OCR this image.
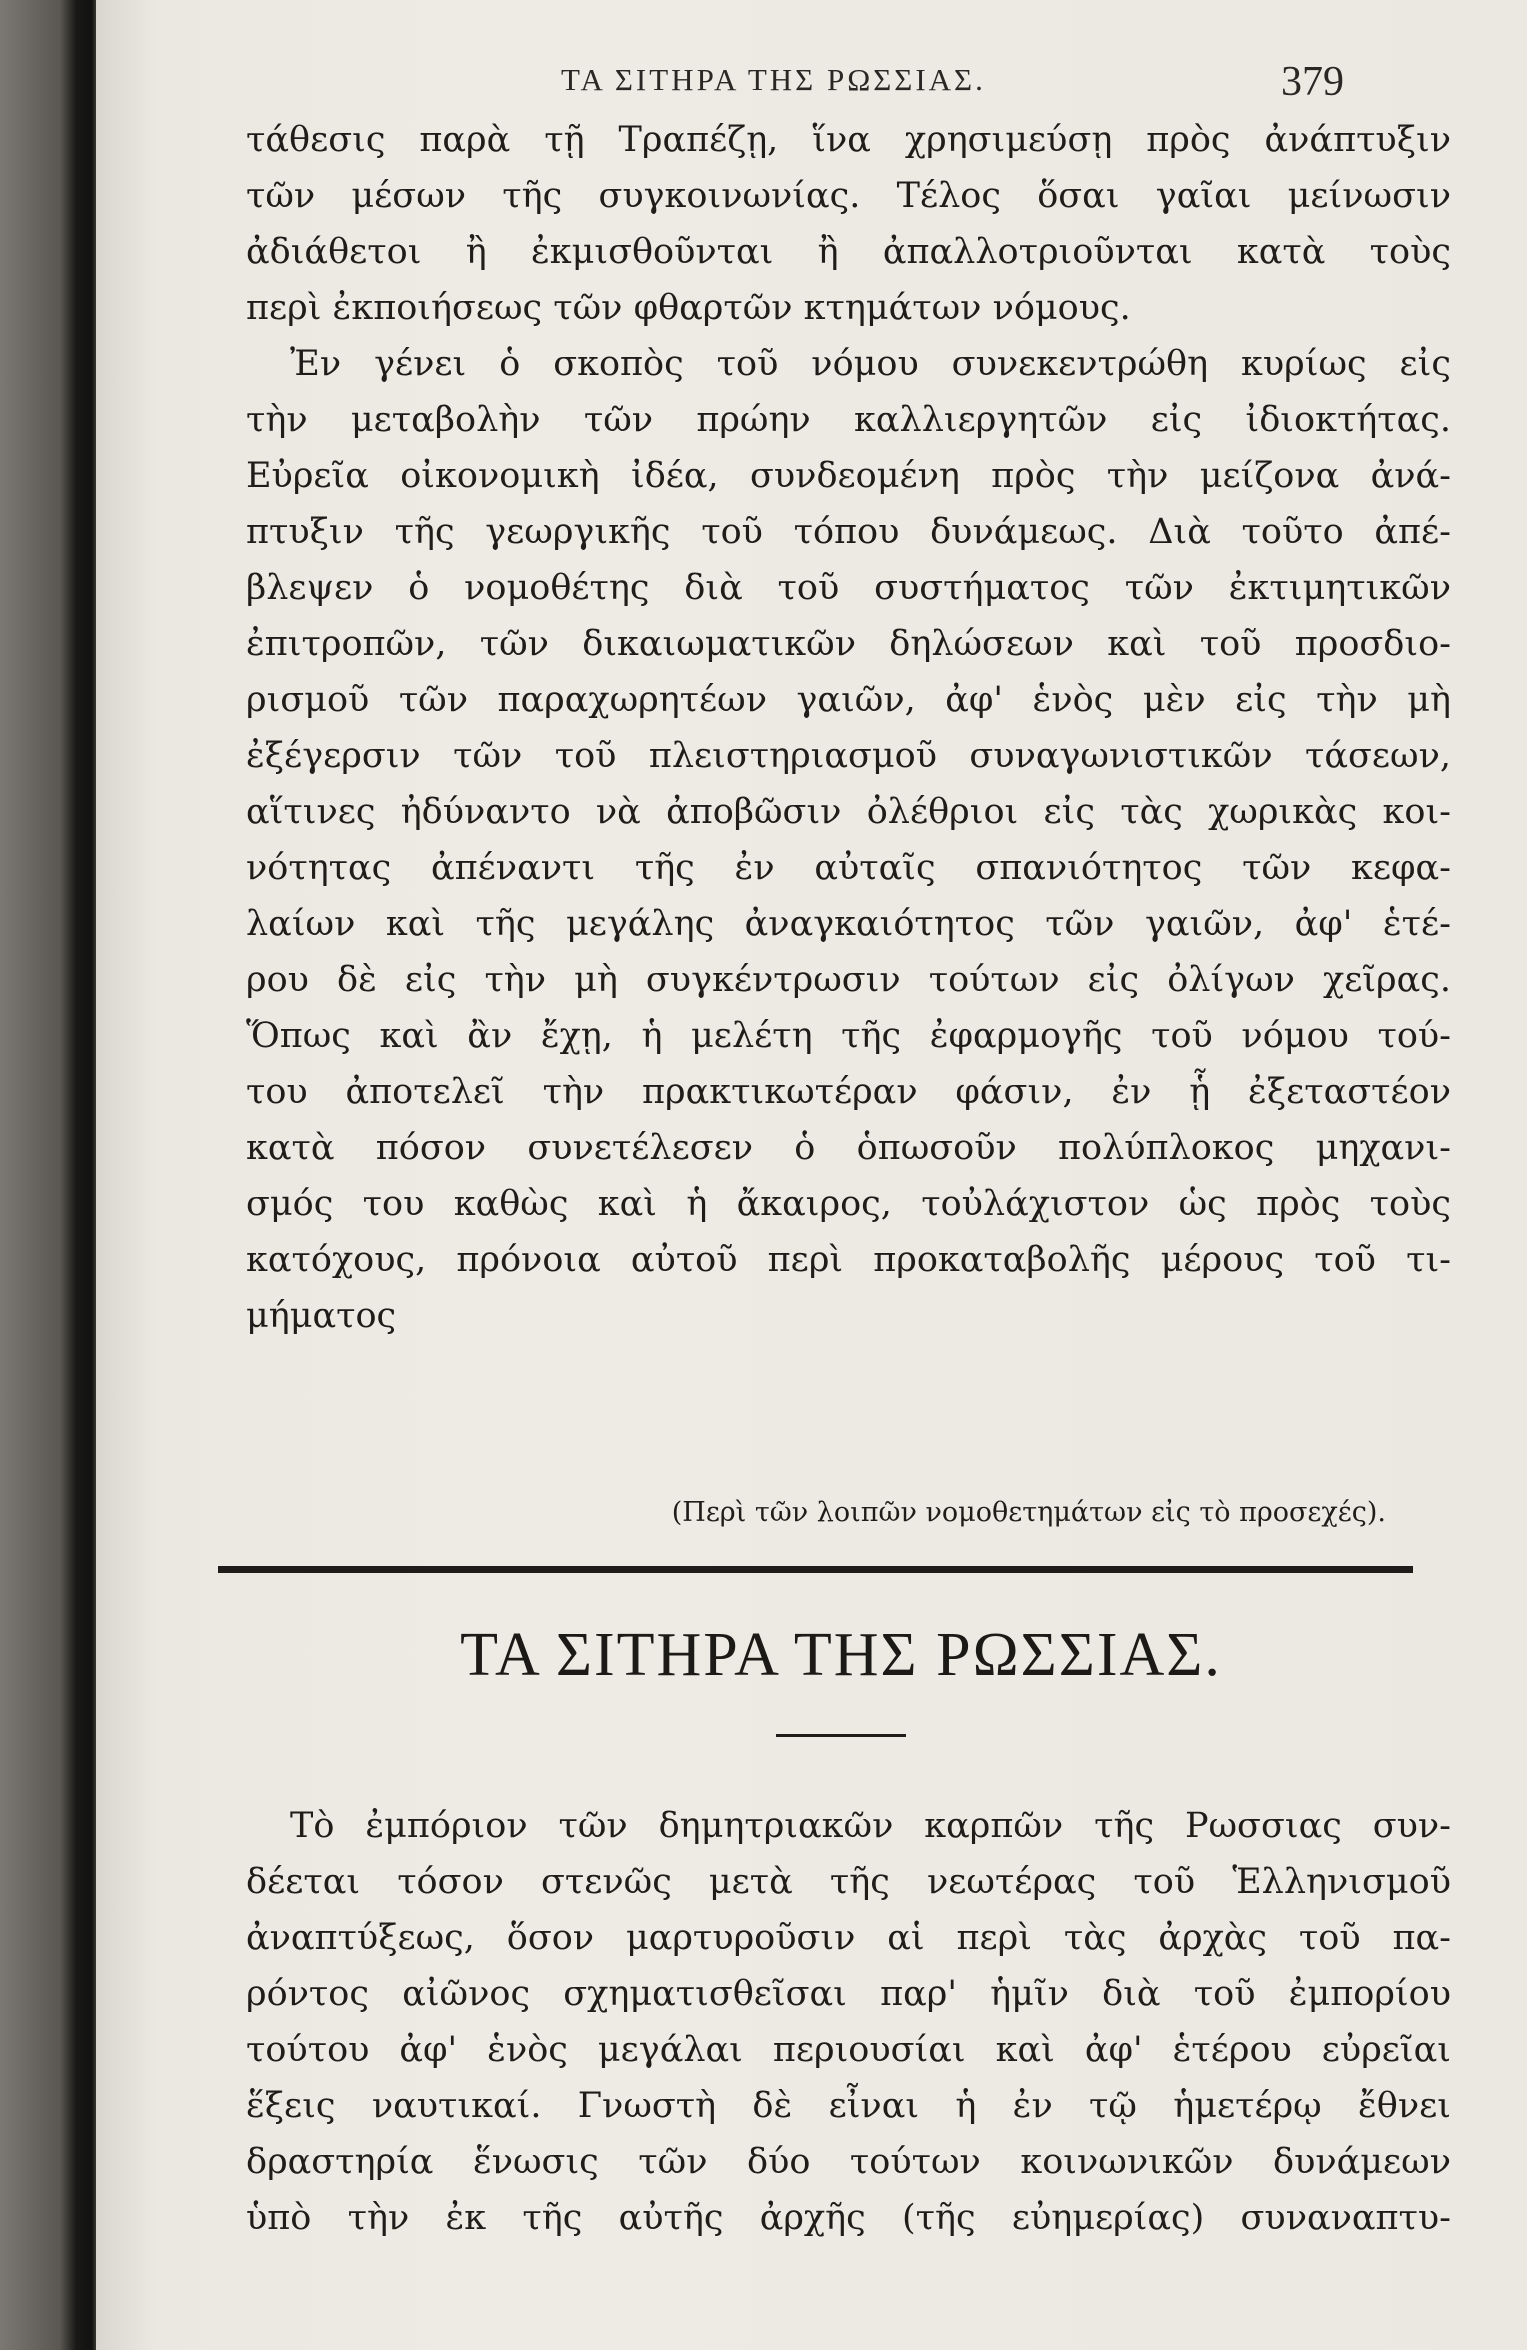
ΤΑ ΣΙΤΗΡΑ ΤΗΣ ΡΩΣΣΙΑΣ.	379
τάθεσις παρὰ τῇ Τραπέζῃ, ἵνα χρησιμεύσῃ πρὸς ἀνάπτυξιν
τῶν μέσων τῆς συγκοινωνίας. Τέλος ὅσαι γαῖαι μείνωσιν
ἀδιάθετοι ἢ ἐκμισθοῦνται ἢ ἀπαλλοτριοῦνται κατὰ τοὺς
περὶ ἐκποιήσεως τῶν φθαρτῶν κτημάτων νόμους.
Ἐν γένει ὁ σκοπὸς τοῦ νόμου συνεκεντρώθη κυρίως εἰς
τὴν μεταβολὴν τῶν πρώην καλλιεργητῶν εἰς ἰδιοκτήτας.
Εὐρεῖα οἰκονομικὴ ἰδέα, συνδεομένη πρὸς τὴν μείζονα ἀνά-
πτυξιν τῆς γεωργικῆς τοῦ τόπου δυνάμεως. Διὰ τοῦτο ἀπέ-
βλεψεν ὁ νομοθέτης διὰ τοῦ συστήματος τῶν ἐκτιμητικῶν
ἐπιτροπῶν, τῶν δικαιωματικῶν δηλώσεων καὶ τοῦ προσδιο-
ρισμοῦ τῶν παραχωρητέων γαιῶν, ἀφ' ἑνὸς μὲν εἰς τὴν μὴ
ἐξέγερσιν τῶν τοῦ πλειστηριασμοῦ συναγωνιστικῶν τάσεων,
αἵτινες ἠδύναντο νὰ ἀποβῶσιν ὀλέθριοι εἰς τὰς χωρικὰς κοι-
νότητας ἀπέναντι τῆς ἐν αὐταῖς σπανιότητος τῶν κεφα-
λαίων καὶ τῆς μεγάλης ἀναγκαιότητος τῶν γαιῶν, ἀφ' ἑτέ-
ρου δὲ εἰς τὴν μὴ συγκέντρωσιν τούτων εἰς ὀλίγων χεῖρας.
Ὅπως καὶ ἂν ἔχῃ, ἡ μελέτη τῆς ἐφαρμογῆς τοῦ νόμου τού-
του ἀποτελεῖ τὴν πρακτικωτέραν φάσιν, ἐν ᾗ ἐξεταστέον
κατὰ πόσον συνετέλεσεν ὁ ὁπωσοῦν πολύπλοκος μηχανι-
σμός του καθὼς καὶ ἡ ἄκαιρος, τοὐλάχιστον ὡς πρὸς τοὺς
κατόχους, πρόνοια αὐτοῦ περὶ προκαταβολῆς μέρους τοῦ τι-
μήματος
(Περὶ τῶν λοιπῶν νομοθετημάτων εἰς τὸ προσεχές).
ΤΑ ΣΙΤΗΡΑ ΤΗΣ ΡΩΣΣΙΑΣ.
Τὸ ἐμπόριον τῶν δημητριακῶν καρπῶν τῆς Ρωσσιας συν-
δέεται τόσον στενῶς μετὰ τῆς νεωτέρας τοῦ Ἑλληνισμοῦ
ἀναπτύξεως, ὅσον μαρτυροῦσιν αἱ περὶ τὰς ἀρχὰς τοῦ πα-
ρόντος αἰῶνος σχηματισθεῖσαι παρ' ἡμῖν διὰ τοῦ ἐμπορίου
τούτου ἀφ' ἑνὸς μεγάλαι περιουσίαι καὶ ἀφ' ἑτέρου εὐρεῖαι
ἕξεις ναυτικαί. Γνωστὴ δὲ εἶναι ἡ ἐν τῷ ἡμετέρῳ ἔθνει
δραστηρία ἕνωσις τῶν δύο τούτων κοινωνικῶν δυνάμεων
ὑπὸ τὴν ἐκ τῆς αὐτῆς ἀρχῆς (τῆς εὐημερίας) συναναπτυ-
